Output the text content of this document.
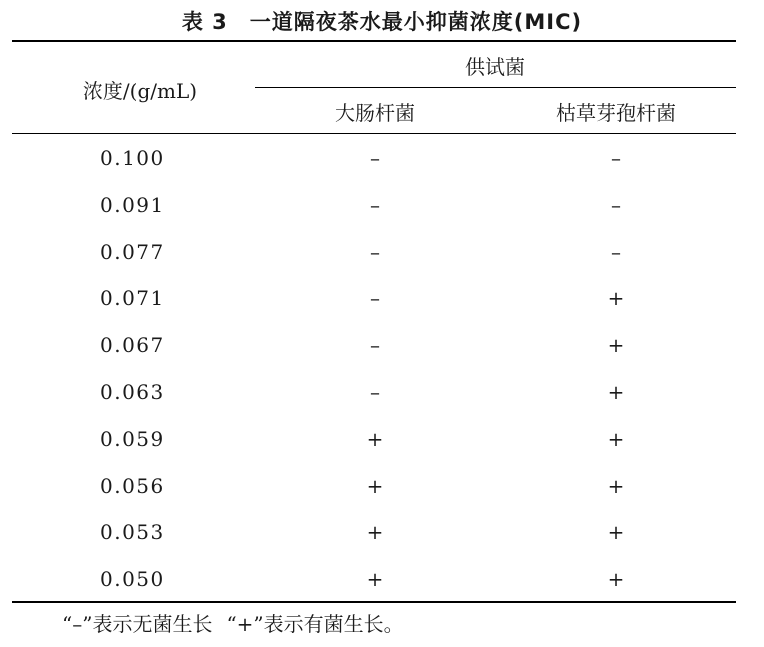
表 3 一道隔夜茶水最小抑菌浓度(MIC)
浓度/(g/mL)
供试菌
大肠杆菌	枯草芽孢杆菌
0.100	–	–
0.091	–	–
0.077	–	–
0.071	–	+
0.067	–	+
0.063	–	+
0.059	+	+
0.056	+	+
0.053	+	+
0.050	+	+
“–”表示无菌生长 “+”表示有菌生长。
